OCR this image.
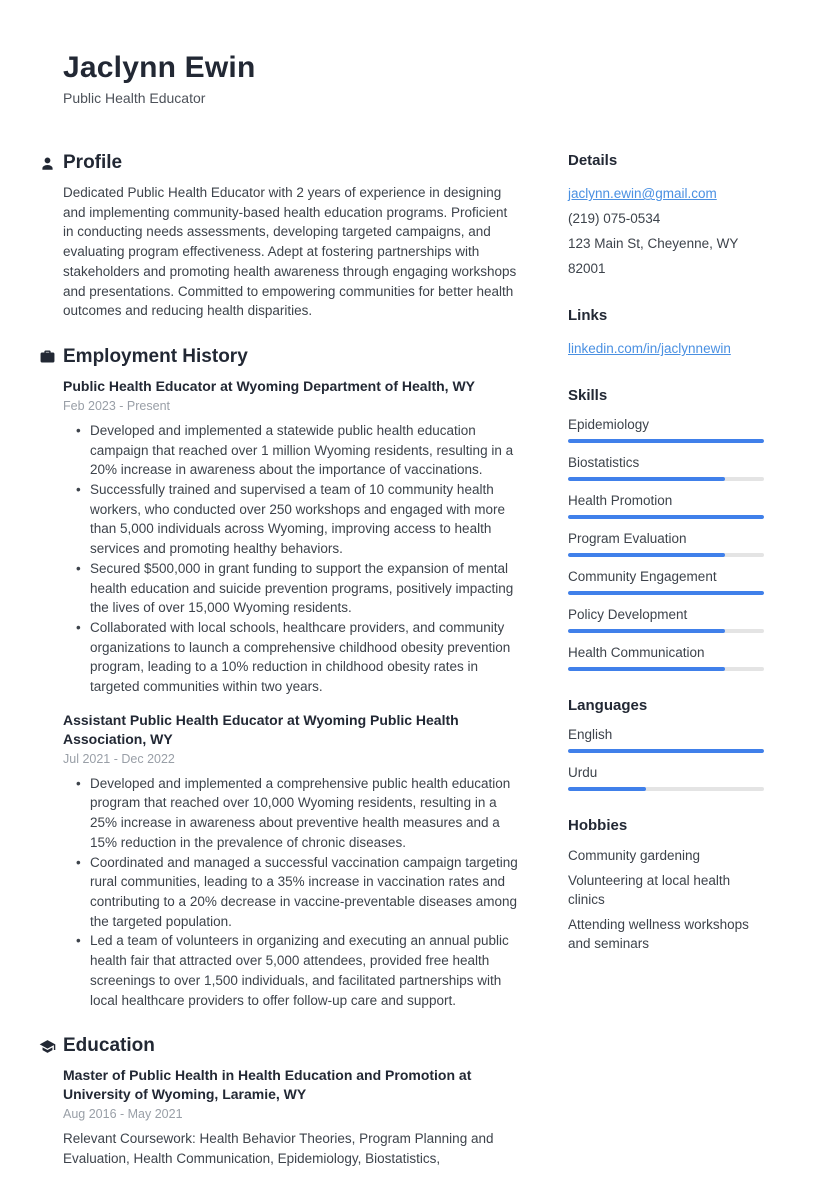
Jaclynn Ewin
Public Health Educator
Profile

Dedicated Public Health Educator with 2 years of experience in designing and implementing community-based health education programs. Proficient in conducting needs assessments, developing targeted campaigns, and evaluating program effectiveness. Adept at fostering partnerships with stakeholders and promoting health awareness through engaging workshops and presentations. Committed to empowering communities for better health outcomes and reducing health disparities.

Employment History
Public Health Educator at Wyoming Department of Health, WY
Feb 2023 - Present
• Developed and implemented a statewide public health education campaign that reached over 1 million Wyoming residents, resulting in a 20% increase in awareness about the importance of vaccinations.
• Successfully trained and supervised a team of 10 community health workers, who conducted over 250 workshops and engaged with more than 5,000 individuals across Wyoming, improving access to health services and promoting healthy behaviors.
• Secured $500,000 in grant funding to support the expansion of mental health education and suicide prevention programs, positively impacting the lives of over 15,000 Wyoming residents.
• Collaborated with local schools, healthcare providers, and community organizations to launch a comprehensive childhood obesity prevention program, leading to a 10% reduction in childhood obesity rates in targeted communities within two years.
Assistant Public Health Educator at Wyoming Public Health Association, WY
Jul 2021 - Dec 2022
• Developed and implemented a comprehensive public health education program that reached over 10,000 Wyoming residents, resulting in a 25% increase in awareness about preventive health measures and a 15% reduction in the prevalence of chronic diseases.
• Coordinated and managed a successful vaccination campaign targeting rural communities, leading to a 35% increase in vaccination rates and contributing to a 20% decrease in vaccine-preventable diseases among the targeted population.
• Led a team of volunteers in organizing and executing an annual public health fair that attracted over 5,000 attendees, provided free health screenings to over 1,500 individuals, and facilitated partnerships with local healthcare providers to offer follow-up care and support.
Education
Master of Public Health in Health Education and Promotion at University of Wyoming, Laramie, WY
Aug 2016 - May 2021

Relevant Coursework: Health Behavior Theories, Program Planning and Evaluation, Health Communication, Epidemiology, Biostatistics,

Details
jaclynn.ewin@gmail.com
(219) 075-0534
123 Main St, Cheyenne, WY 82001
Links
linkedin.com/in/jaclynnewin
Skills
Epidemiology
Biostatistics
Health Promotion
Program Evaluation
Community Engagement
Policy Development
Health Communication
Languages
English
Urdu
Hobbies
Community gardening
Volunteering at local health clinics
Attending wellness workshops and seminars
